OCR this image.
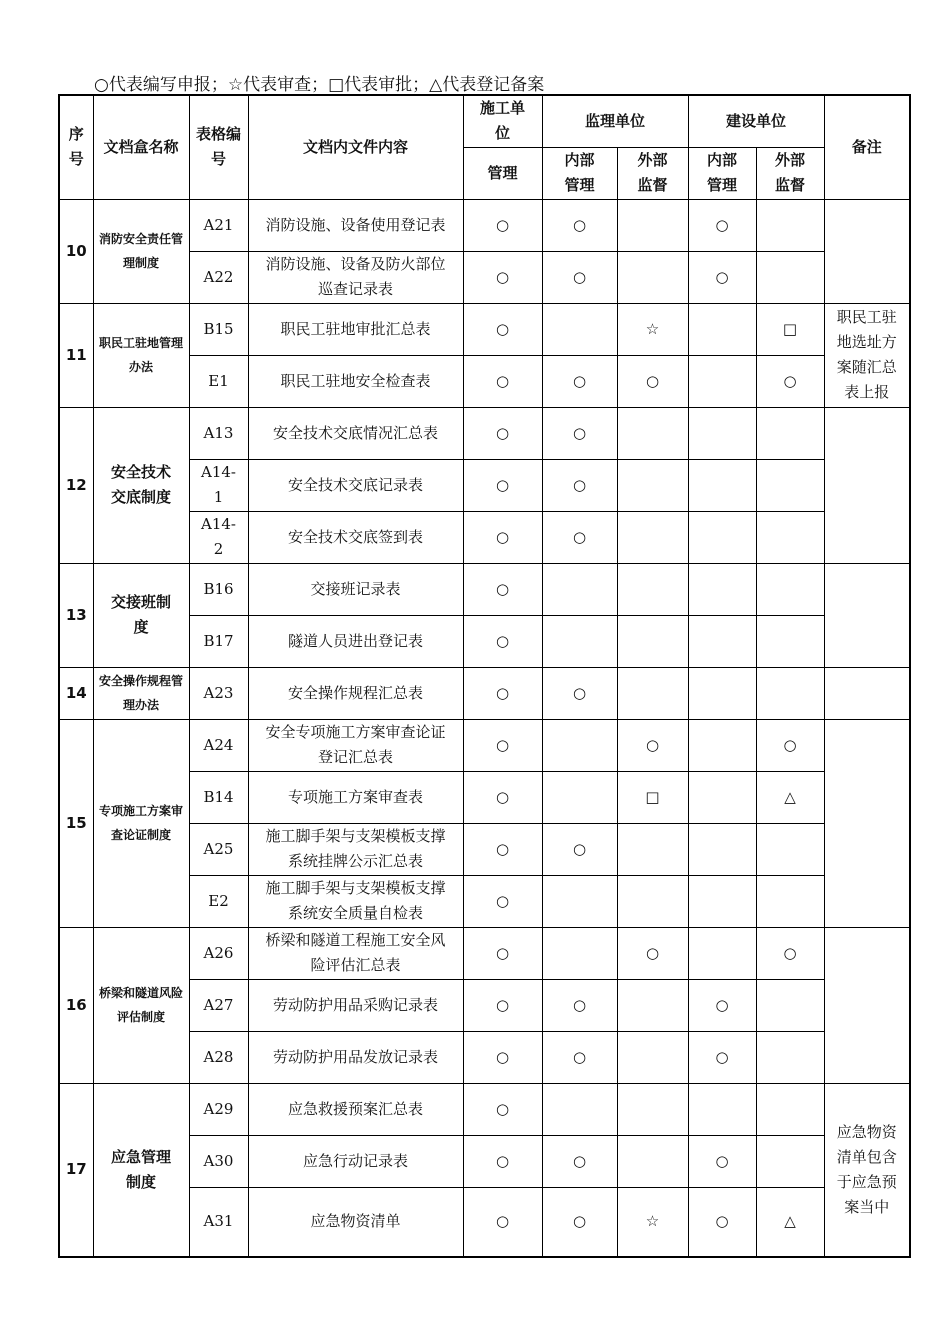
○代表编写申报；☆代表审查；□代表审批；△代表登记备案
序号	文档盒名称	表格编号	文档内文件内容	施工单位	监理单位		建设单位		备注
				管理	内部管理	外部监督	内部管理	外部监督	
10	消防安全责任管理制度	A21	消防设施、设备使用登记表	○	○		○		
		A22	消防设施、设备及防火部位巡查记录表	○	○		○		
11	职民工驻地管理办法	B15	职民工驻地审批汇总表	○		☆		□	职民工驻地选址方案随汇总表上报
		E1	职民工驻地安全检查表	○	○	○		○	
12	安全技术交底制度	A13	安全技术交底情况汇总表	○	○				
		A14-1	安全技术交底记录表	○	○				
		A14-2	安全技术交底签到表	○	○				
13	交接班制度	B16	交接班记录表	○					
		B17	隧道人员进出登记表	○					
14	安全操作规程管理办法	A23	安全操作规程汇总表	○	○				
15	专项施工方案审查论证制度	A24	安全专项施工方案审查论证登记汇总表	○		○		○	
		B14	专项施工方案审查表	○		□		△	
		A25	施工脚手架与支架模板支撑系统挂牌公示汇总表	○	○				
		E2	施工脚手架与支架模板支撑系统安全质量自检表	○					
16	桥梁和隧道风险评估制度	A26	桥梁和隧道工程施工安全风险评估汇总表	○		○		○	
		A27	劳动防护用品采购记录表	○	○		○		
		A28	劳动防护用品发放记录表	○	○		○		
17	应急管理制度	A29	应急救援预案汇总表	○					应急物资清单包含于应急预案当中
		A30	应急行动记录表	○	○		○		
		A31	应急物资清单	○	○	☆	○	△	
